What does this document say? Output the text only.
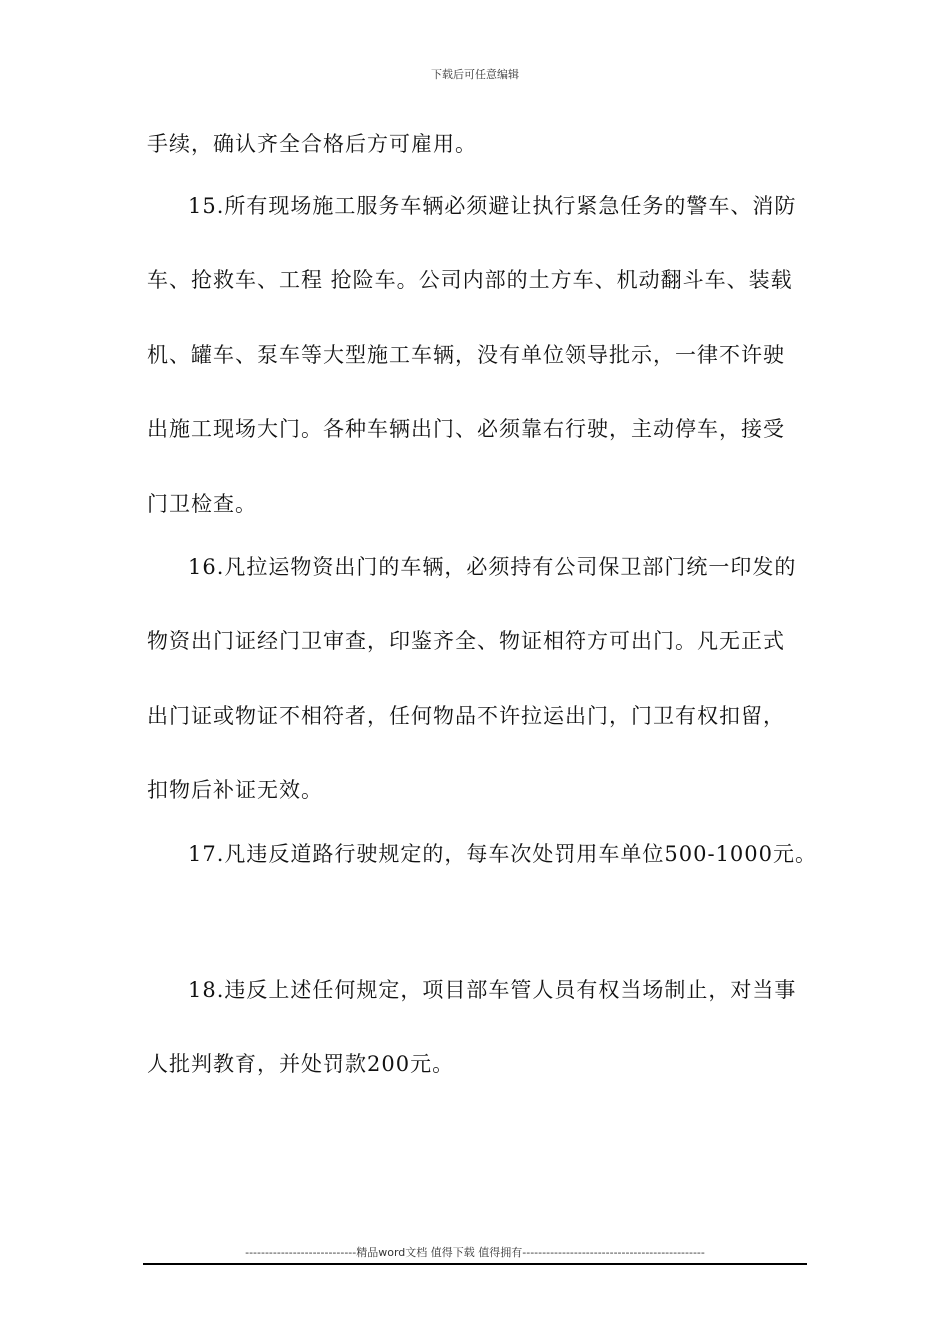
下载后可任意编辑
手续，确认齐全合格后方可雇用。
15.所有现场施工服务车辆必须避让执行紧急任务的警车、消防
车、抢救车、工程 抢险车。公司内部的土方车、机动翻斗车、装载
机、罐车、泵车等大型施工车辆，没有单位领导批示，一律不许驶
出施工现场大门。各种车辆出门、必须靠右行驶，主动停车，接受
门卫检查。
16.凡拉运物资出门的车辆，必须持有公司保卫部门统一印发的
物资出门证经门卫审查，印鉴齐全、物证相符方可出门。凡无正式
出门证或物证不相符者，任何物品不许拉运出门，门卫有权扣留，
扣物后补证无效。
17.凡违反道路行驶规定的，每车次处罚用车单位500-1000元。
18.违反上述任何规定，项目部车管人员有权当场制止，对当事
人批判教育，并处罚款200元。
----------------------------精品word文档 值得下载 值得拥有----------------------------------------------
